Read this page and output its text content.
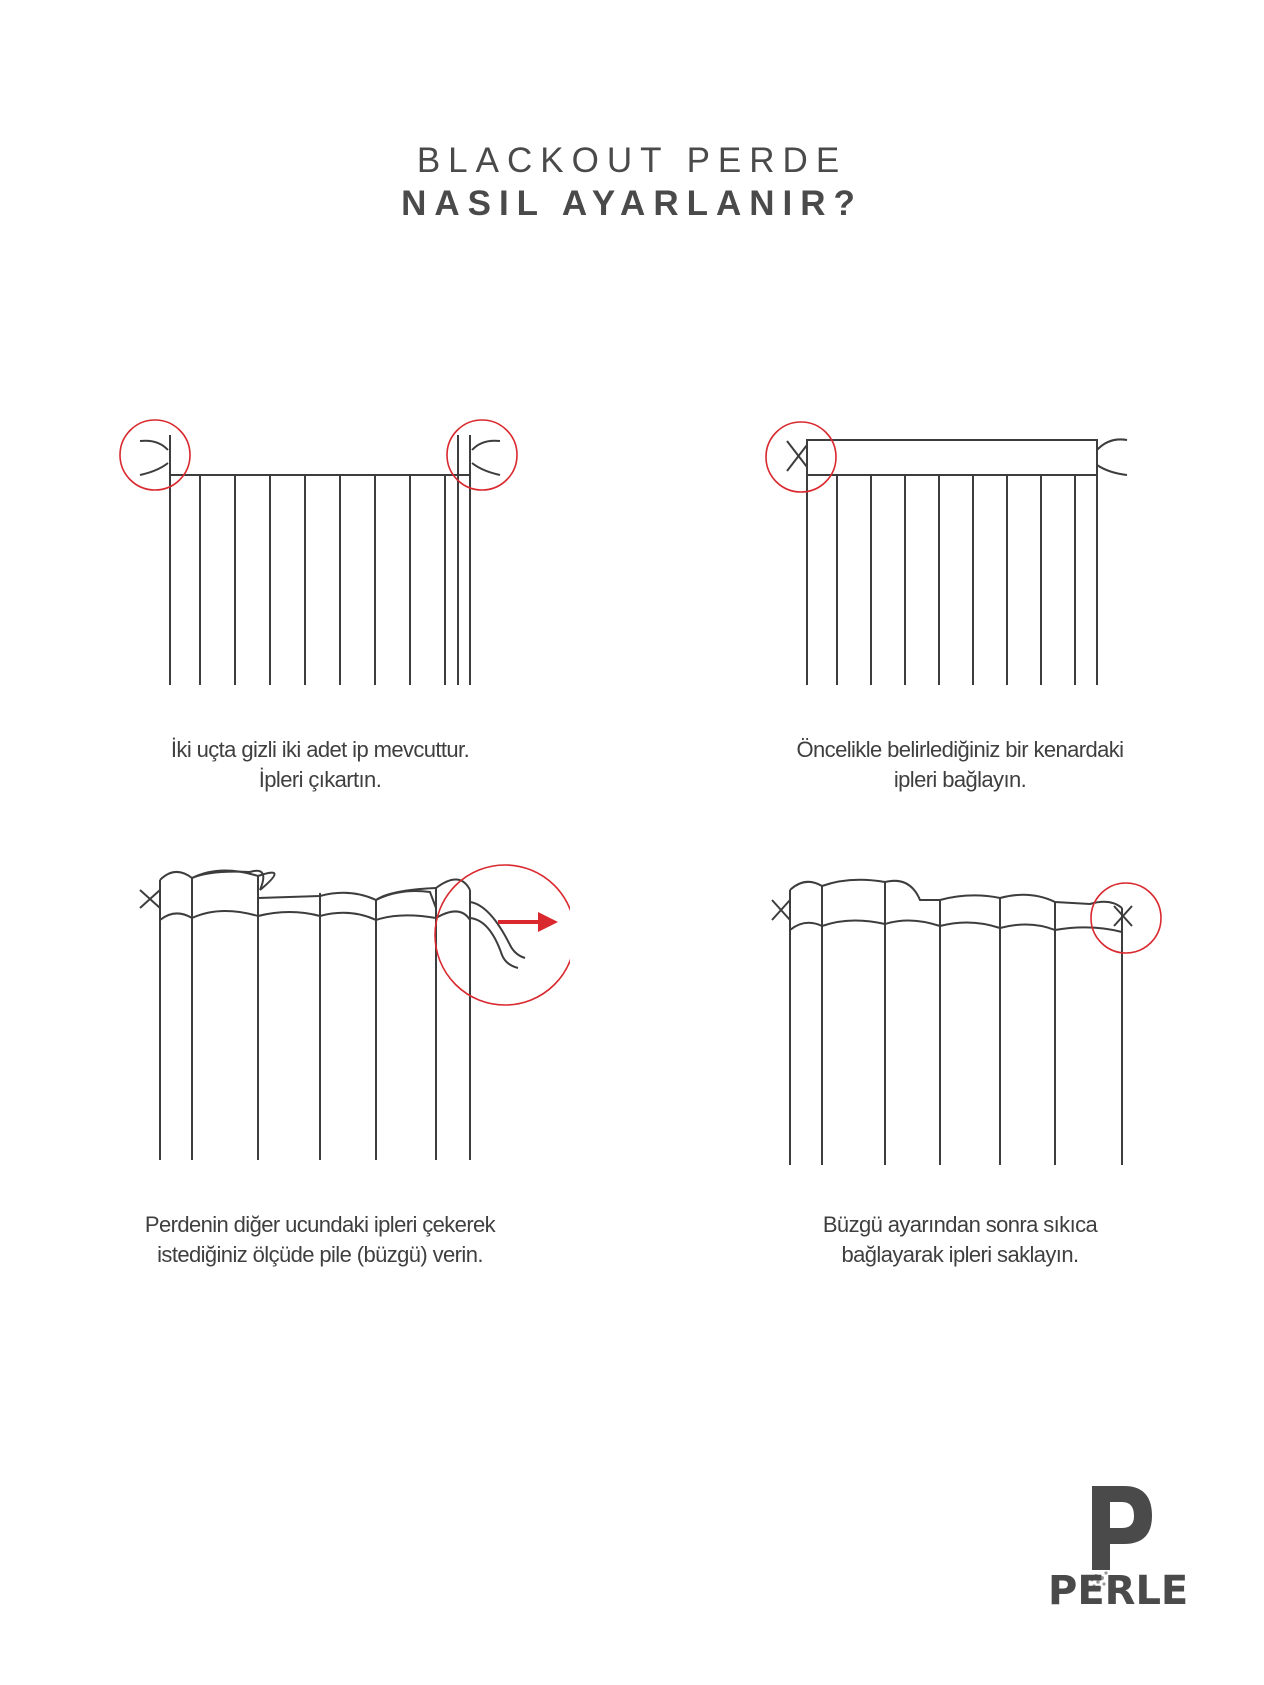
BLACKOUT PERDE
NASIL AYARLANIR?
İki uçta gizli iki adet ip mevcuttur.
İpleri çıkartın.
Öncelikle belirlediğiniz bir kenardaki
ipleri bağlayın.
Perdenin diğer ucundaki ipleri çekerek
istediğiniz ölçüde pile (büzgü) verin.
Büzgü ayarından sonra sıkıca
bağlayarak ipleri saklayın.
PERLE
